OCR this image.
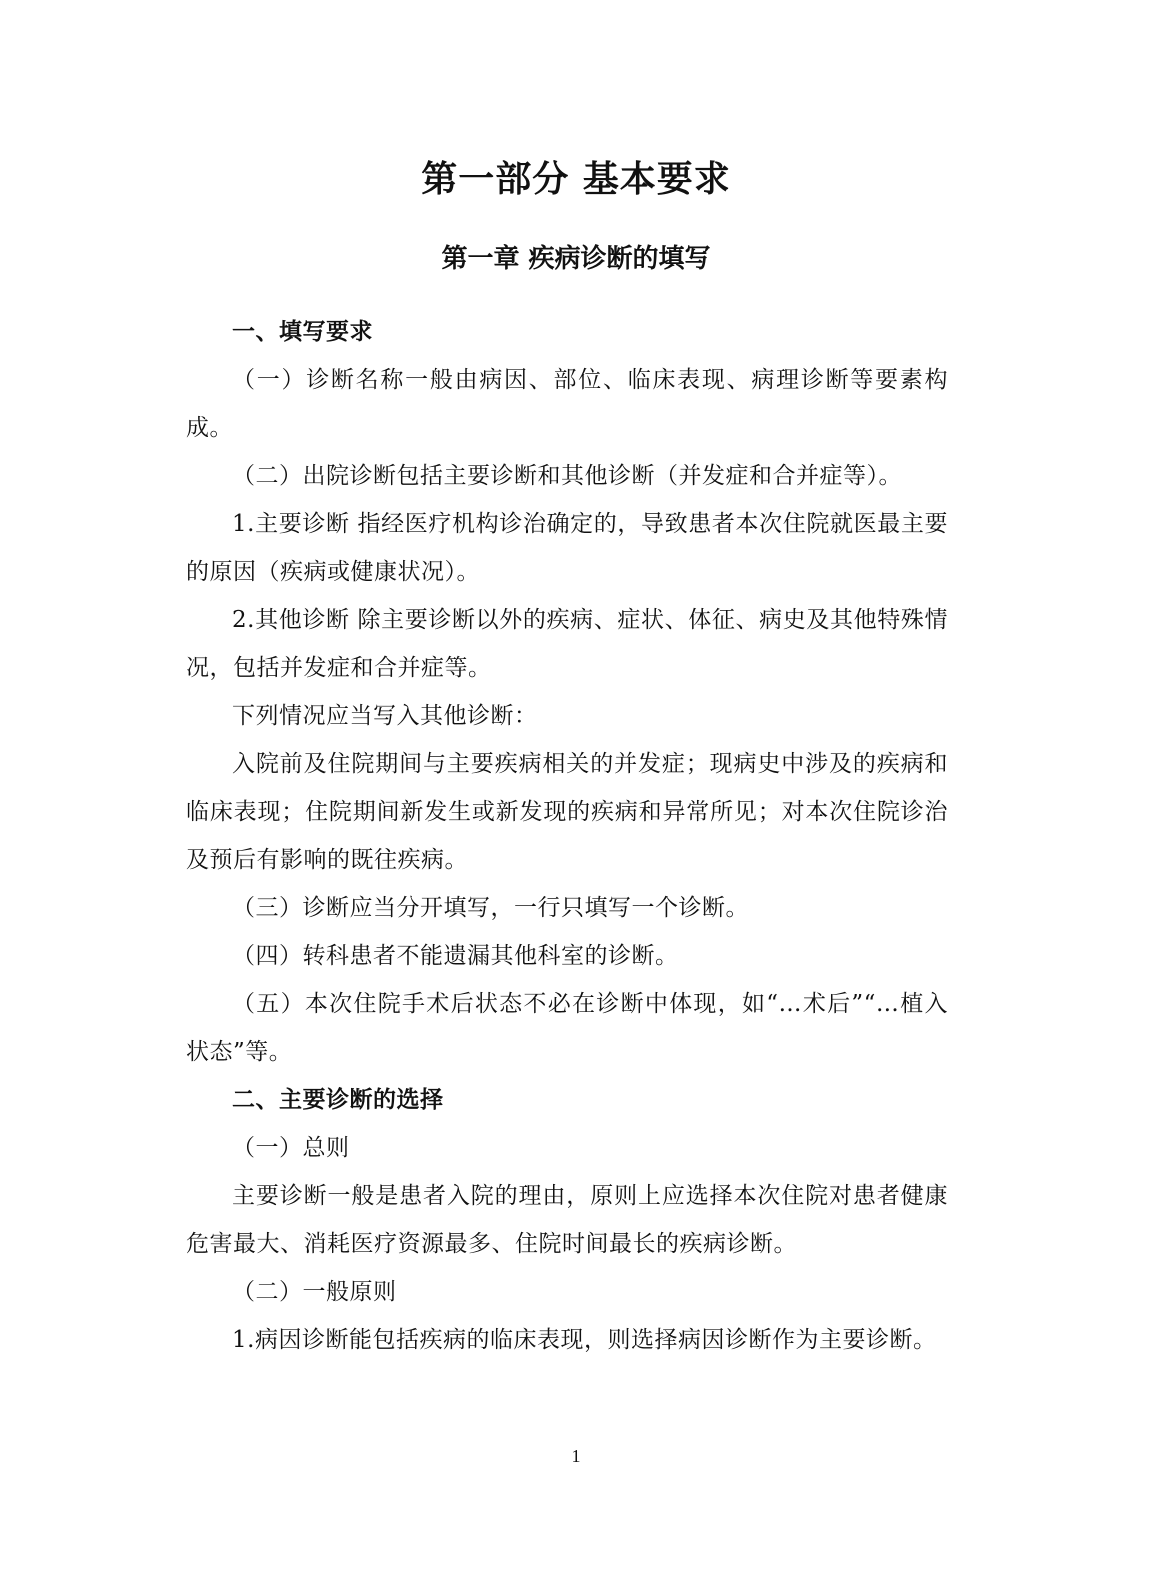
第一部分 基本要求
第一章 疾病诊断的填写

一、填写要求

（一）诊断名称一般由病因、部位、临床表现、病理诊断等要素构成。

（二）出院诊断包括主要诊断和其他诊断（并发症和合并症等）。

1.主要诊断 指经医疗机构诊治确定的，导致患者本次住院就医最主要的原因（疾病或健康状况）。

2.其他诊断 除主要诊断以外的疾病、症状、体征、病史及其他特殊情况，包括并发症和合并症等。

下列情况应当写入其他诊断：

入院前及住院期间与主要疾病相关的并发症；现病史中涉及的疾病和临床表现；住院期间新发生或新发现的疾病和异常所见；对本次住院诊治及预后有影响的既往疾病。

（三）诊断应当分开填写，一行只填写一个诊断。

（四）转科患者不能遗漏其他科室的诊断。

（五）本次住院手术后状态不必在诊断中体现，如“…术后”“…植入状态”等。

二、主要诊断的选择

（一）总则

主要诊断一般是患者入院的理由，原则上应选择本次住院对患者健康危害最大、消耗医疗资源最多、住院时间最长的疾病诊断。

（二）一般原则

1.病因诊断能包括疾病的临床表现，则选择病因诊断作为主要诊断。

1
